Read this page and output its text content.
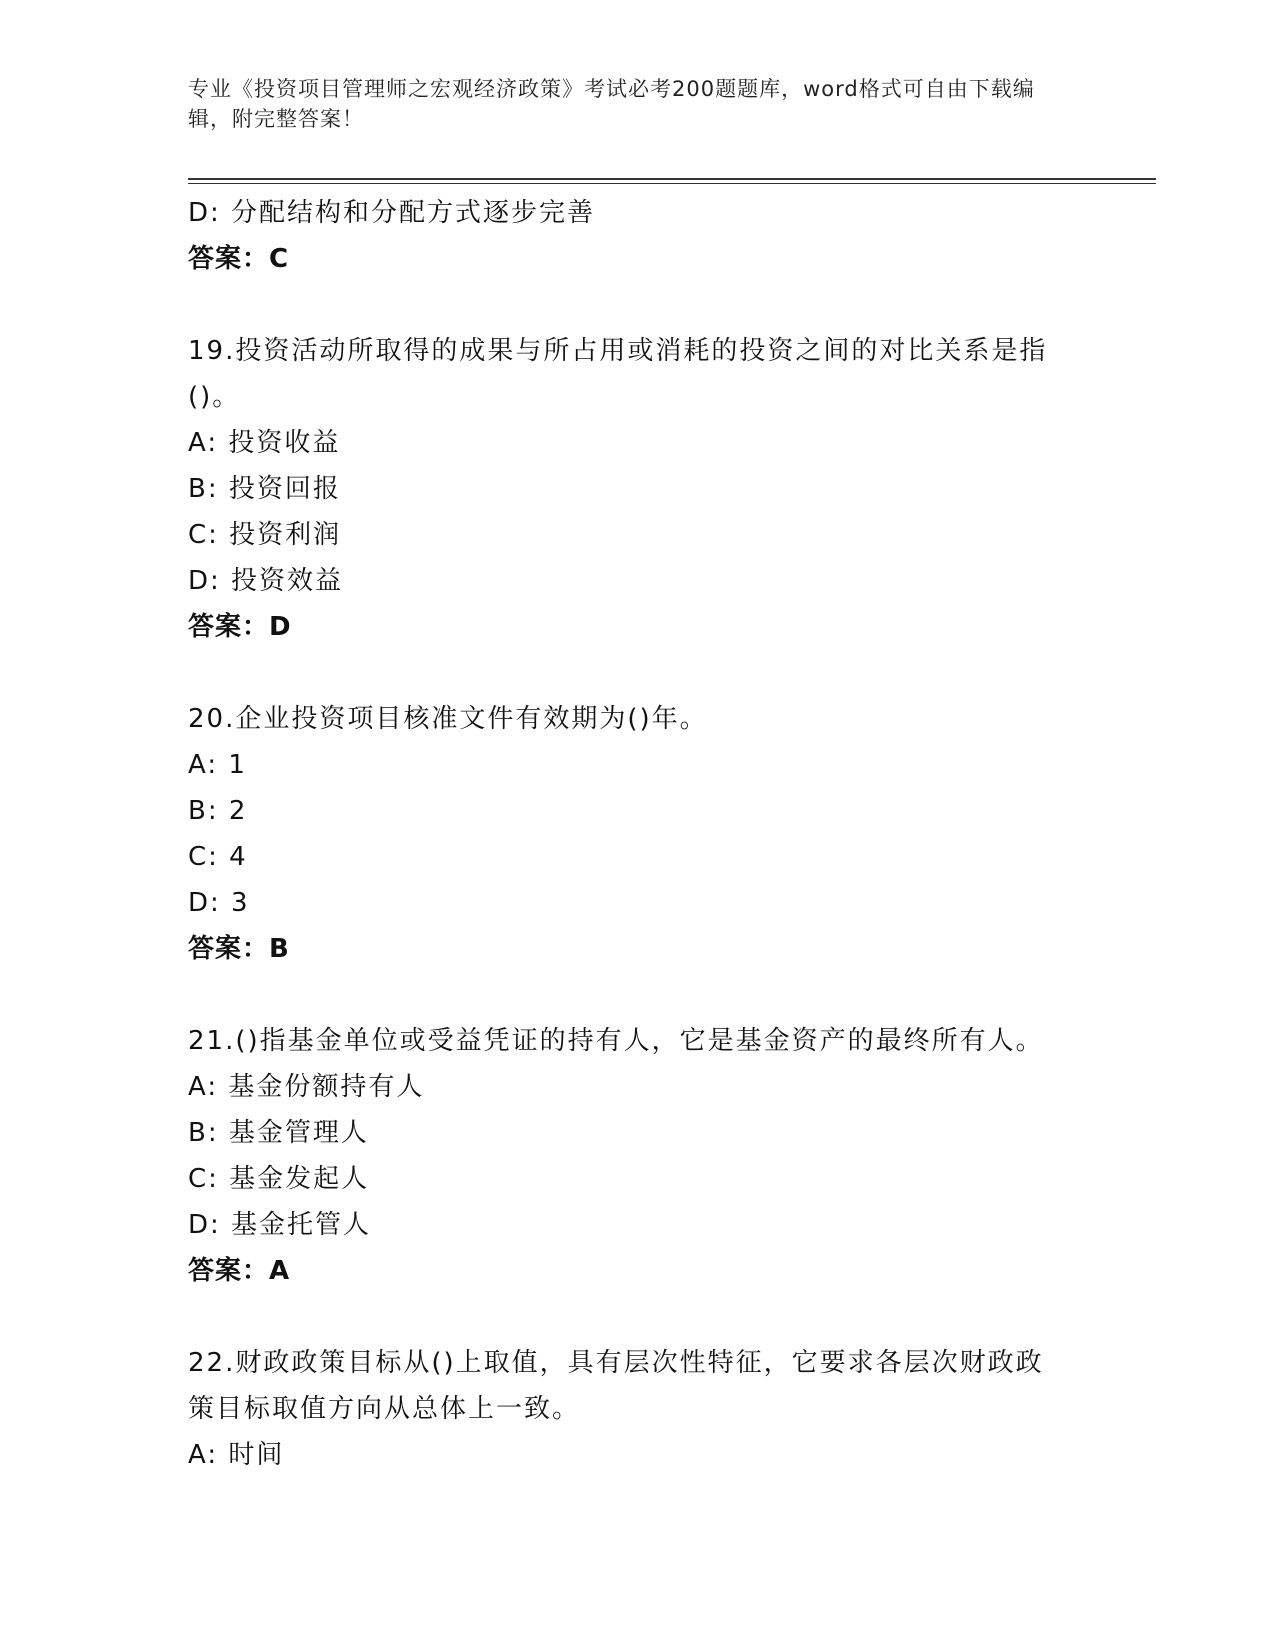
专业《投资项目管理师之宏观经济政策》考试必考200题题库，word格式可自由下载编辑，附完整答案！
D: 分配结构和分配方式逐步完善
答案：C
19.投资活动所取得的成果与所占用或消耗的投资之间的对比关系是指
()。
A: 投资收益
B: 投资回报
C: 投资利润
D: 投资效益
答案：D
20.企业投资项目核准文件有效期为()年。
A: 1
B: 2
C: 4
D: 3
答案：B
21.()指基金单位或受益凭证的持有人，它是基金资产的最终所有人。
A: 基金份额持有人
B: 基金管理人
C: 基金发起人
D: 基金托管人
答案：A
22.财政政策目标从()上取值，具有层次性特征，它要求各层次财政政
策目标取值方向从总体上一致。
A: 时间
